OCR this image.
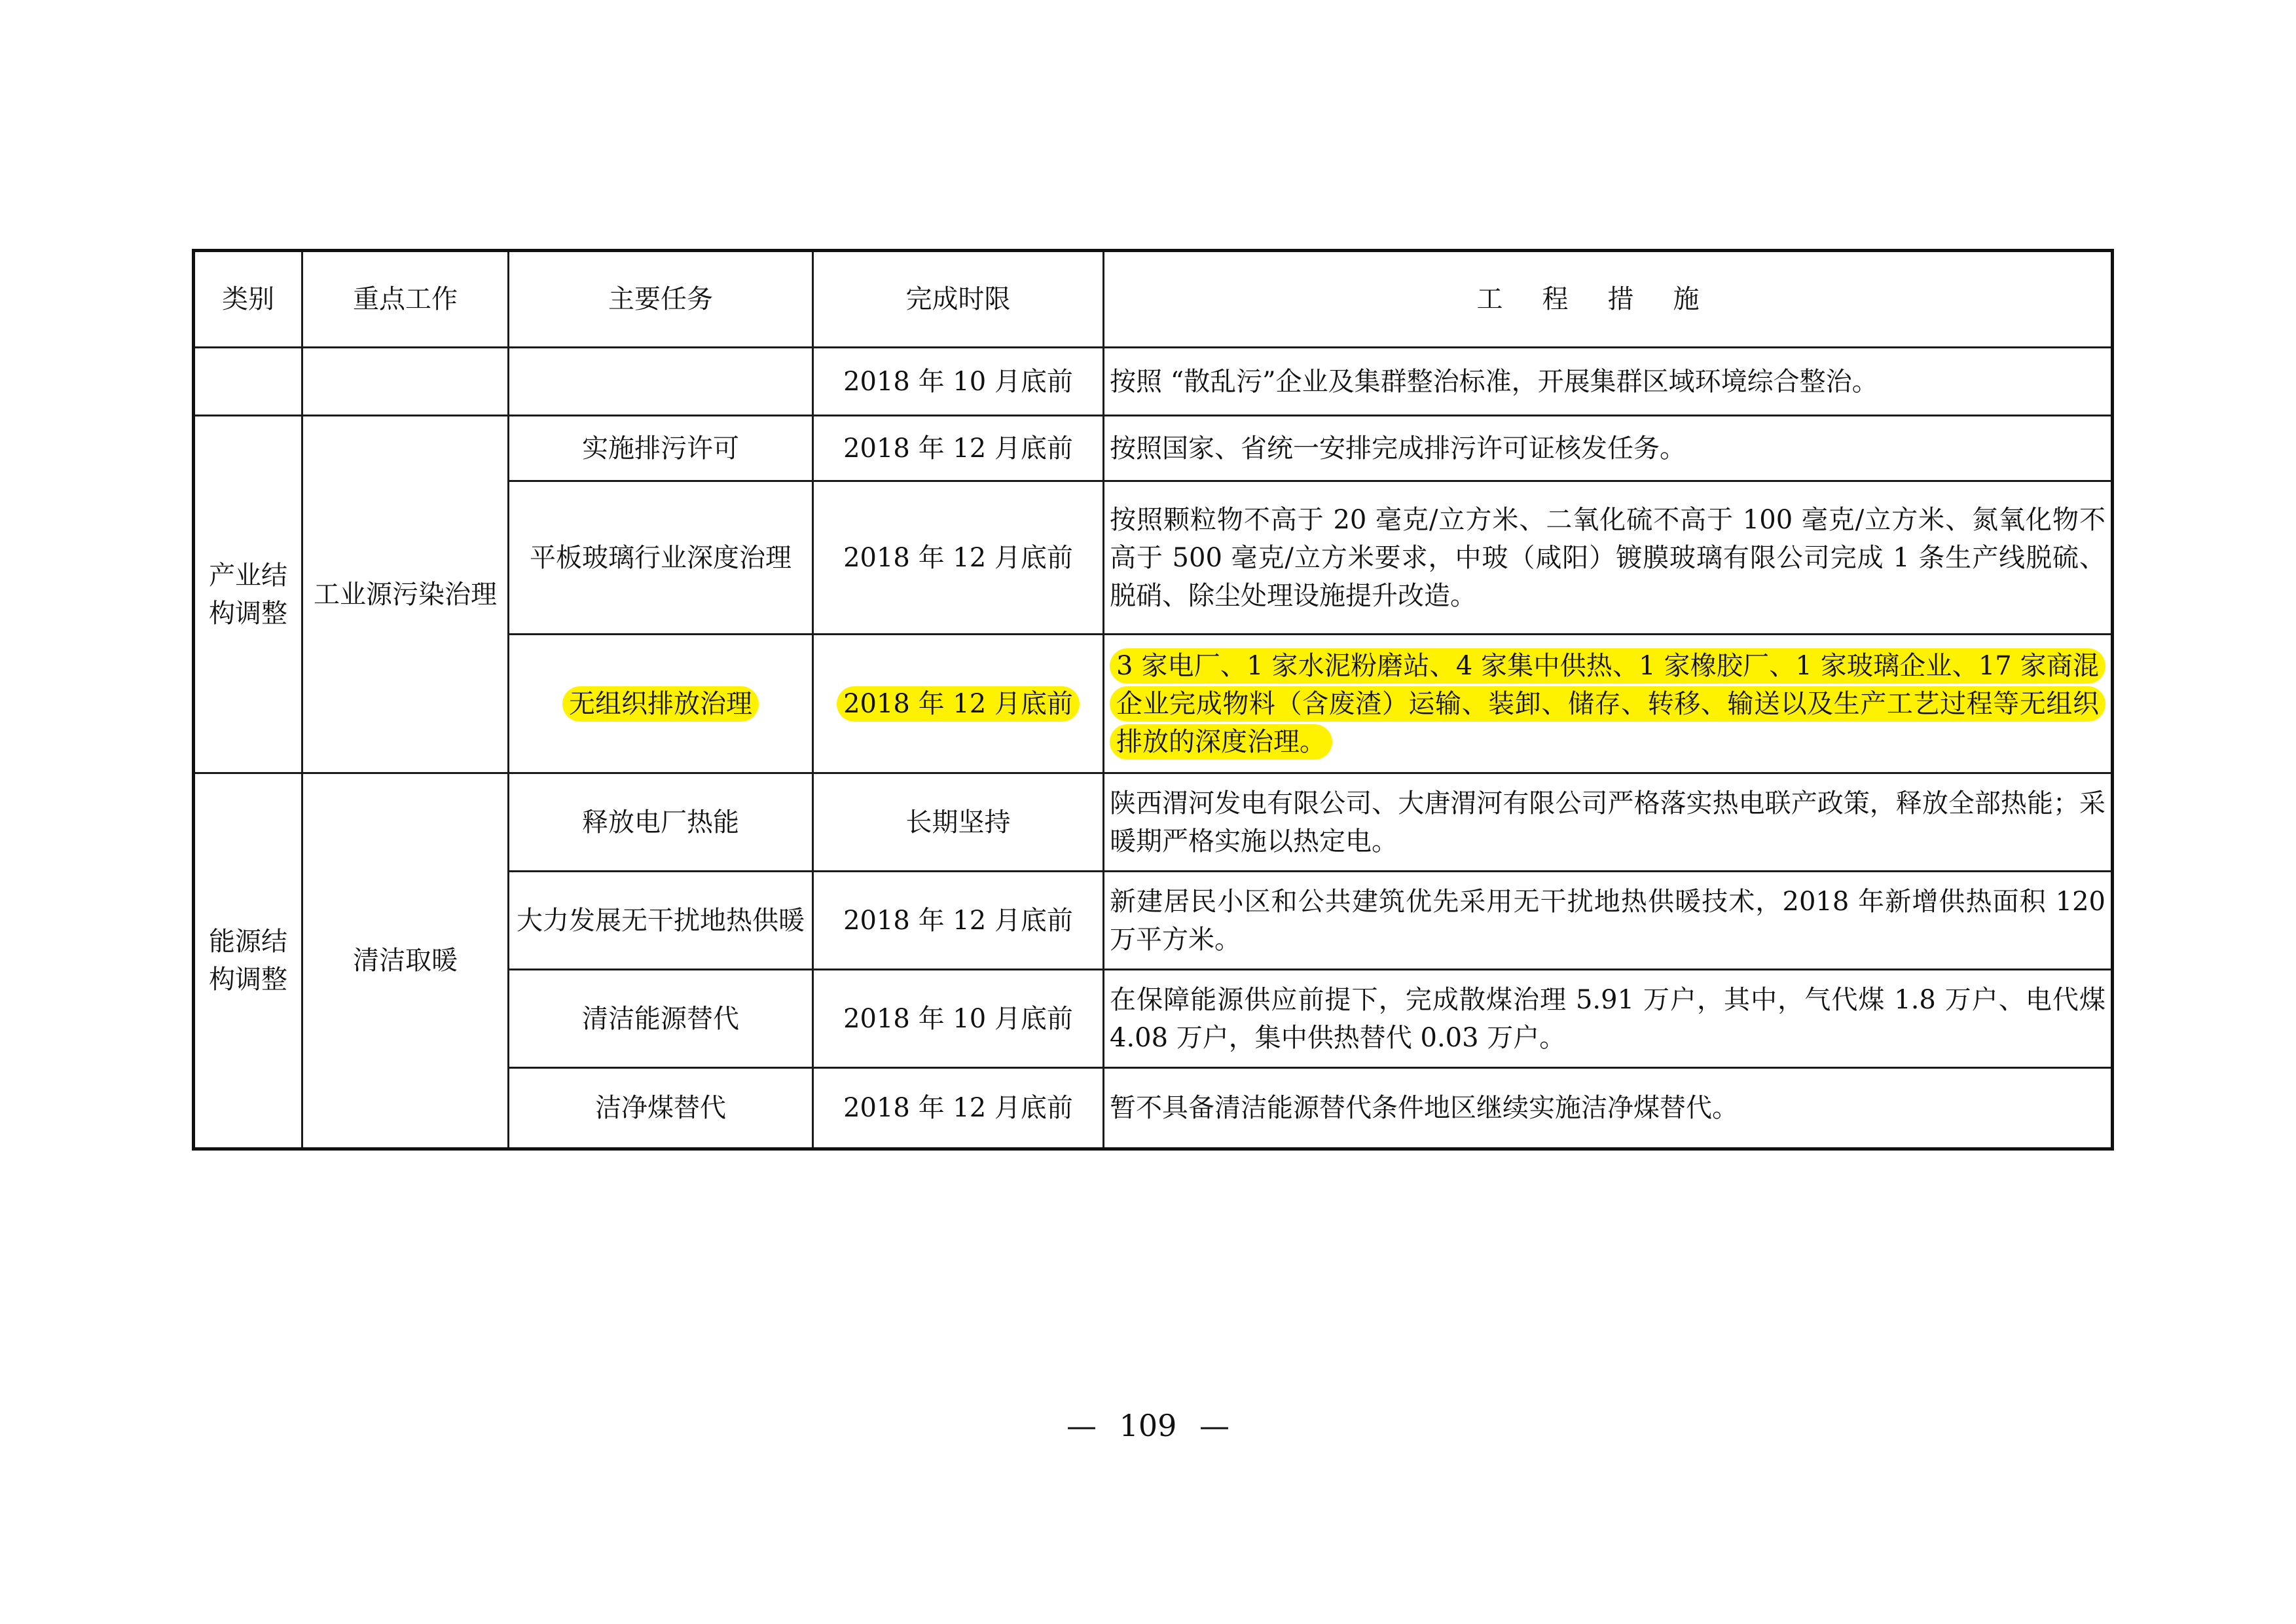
类别	重点工作	主要任务	完成时限	工程措施
			2018 年 10 月底前	按照 “散乱污”企业及集群整治标准，开展集群区域环境综合整治。
产业结构调整	工业源污染治理	实施排污许可	2018 年 12 月底前	按照国家、省统一安排完成排污许可证核发任务。
		平板玻璃行业深度治理	2018 年 12 月底前	按照颗粒物不高于 20 毫克/立方米、二氧化硫不高于 100 毫克/立方米、氮氧化物不高于 500 毫克/立方米要求，中玻（咸阳）镀膜玻璃有限公司完成 1 条生产线脱硫、脱硝、除尘处理设施提升改造。
		无组织排放治理	2018 年 12 月底前	3 家电厂、1 家水泥粉磨站、4 家集中供热、1 家橡胶厂、1 家玻璃企业、17 家商混企业完成物料（含废渣）运输、装卸、储存、转移、输送以及生产工艺过程等无组织排放的深度治理。
能源结构调整	清洁取暖	释放电厂热能	长期坚持	陕西渭河发电有限公司、大唐渭河有限公司严格落实热电联产政策，释放全部热能；采暖期严格实施以热定电。
		大力发展无干扰地热供暖	2018 年 12 月底前	新建居民小区和公共建筑优先采用无干扰地热供暖技术，2018 年新增供热面积 120 万平方米。
		清洁能源替代	2018 年 10 月底前	在保障能源供应前提下，完成散煤治理 5.91 万户，其中，气代煤 1.8 万户、电代煤 4.08 万户，集中供热替代 0.03 万户。
		洁净煤替代	2018 年 12 月底前	暂不具备清洁能源替代条件地区继续实施洁净煤替代。
— 109 —
